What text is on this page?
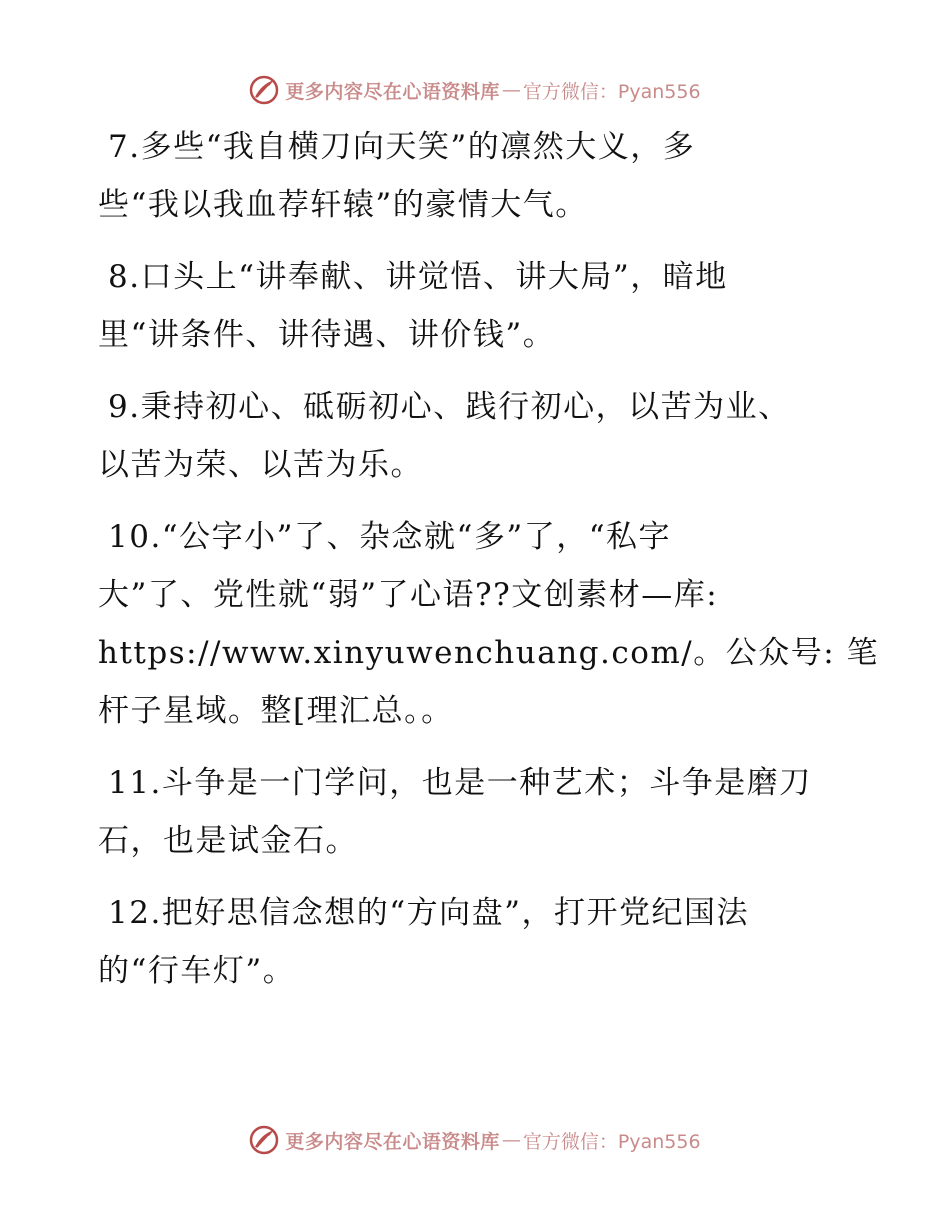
更多内容尽在心语资料库 — 官方微信：Pyan556
7.多些“我自横刀向天笑”的凛然大义，多
些“我以我血荐轩辕”的豪情大气。
8.口头上“讲奉献、讲觉悟、讲大局”，暗地
里“讲条件、讲待遇、讲价钱”。
9.秉持初心、砥砺初心、践行初心，以苦为业、
以苦为荣、以苦为乐。
10.“公字小”了、杂念就“多”了，“私字
大”了、党性就“弱”了心语??文创素材—库:
https://www.xinyuwenchuang.com/。公众号: 笔
杆子星域。整[理汇总。。
11.斗争是一门学问，也是一种艺术；斗争是磨刀
石，也是试金石。
12.把好思信念想的“方向盘”，打开党纪国法
的“行车灯”。
更多内容尽在心语资料库 — 官方微信：Pyan556
